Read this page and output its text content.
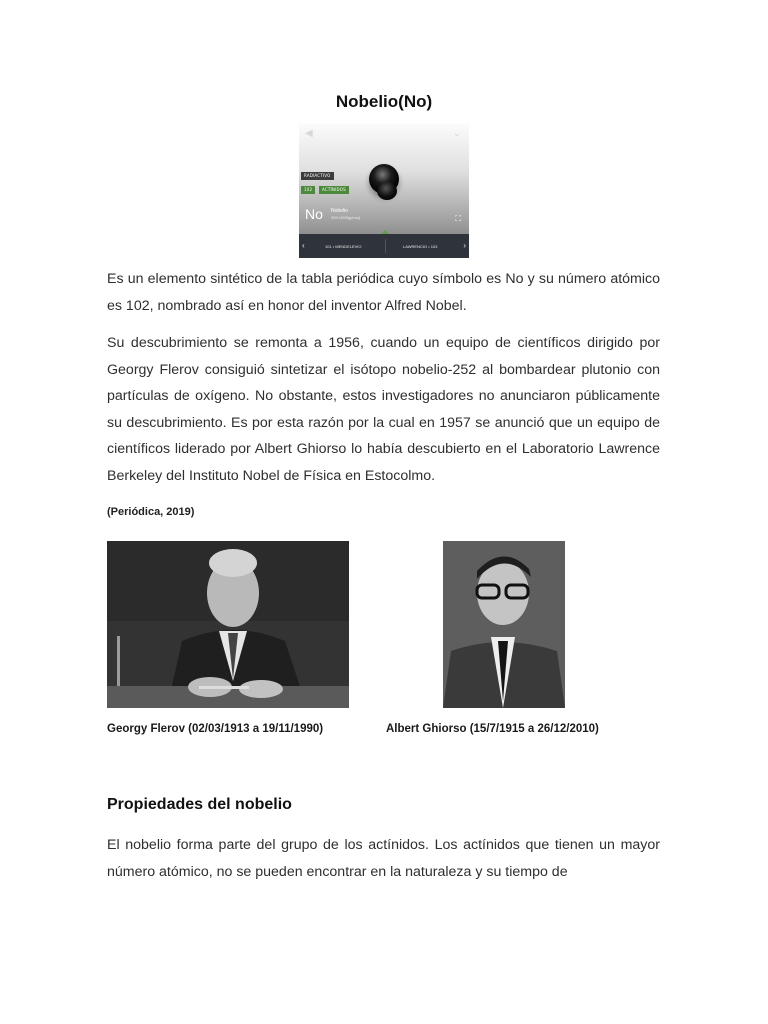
Nobelio(No)
◀	⌄
RADIACTIVO
102	ACTÍNIDOS
No Nobelio
259.1009(g/mol)	⛶
‹	101 • MENDELEVIO	LAWRENCIO • 103	›

Es un elemento sintético de la tabla periódica cuyo símbolo es No y su número atómico es 102, nombrado así en honor del inventor Alfred Nobel.

Su descubrimiento se remonta a 1956, cuando un equipo de científicos dirigido por Georgy Flerov consiguió sintetizar el isótopo nobelio-252 al bombardear plutonio con partículas de oxígeno. No obstante, estos investigadores no anunciaron públicamente su descubrimiento. Es por esta razón por la cual en 1957 se anunció que un equipo de científicos liderado por Albert Ghiorso lo había descubierto en el Laboratorio Lawrence Berkeley del Instituto Nobel de Física en Estocolmo.

(Periódica, 2019)
Georgy Flerov (02/03/1913 a 19/11/1990)	Albert Ghiorso (15/7/1915 a 26/12/2010)
Propiedades del nobelio

El nobelio forma parte del grupo de los actínidos. Los actínidos que tienen un mayor número atómico, no se pueden encontrar en la naturaleza y su tiempo de
